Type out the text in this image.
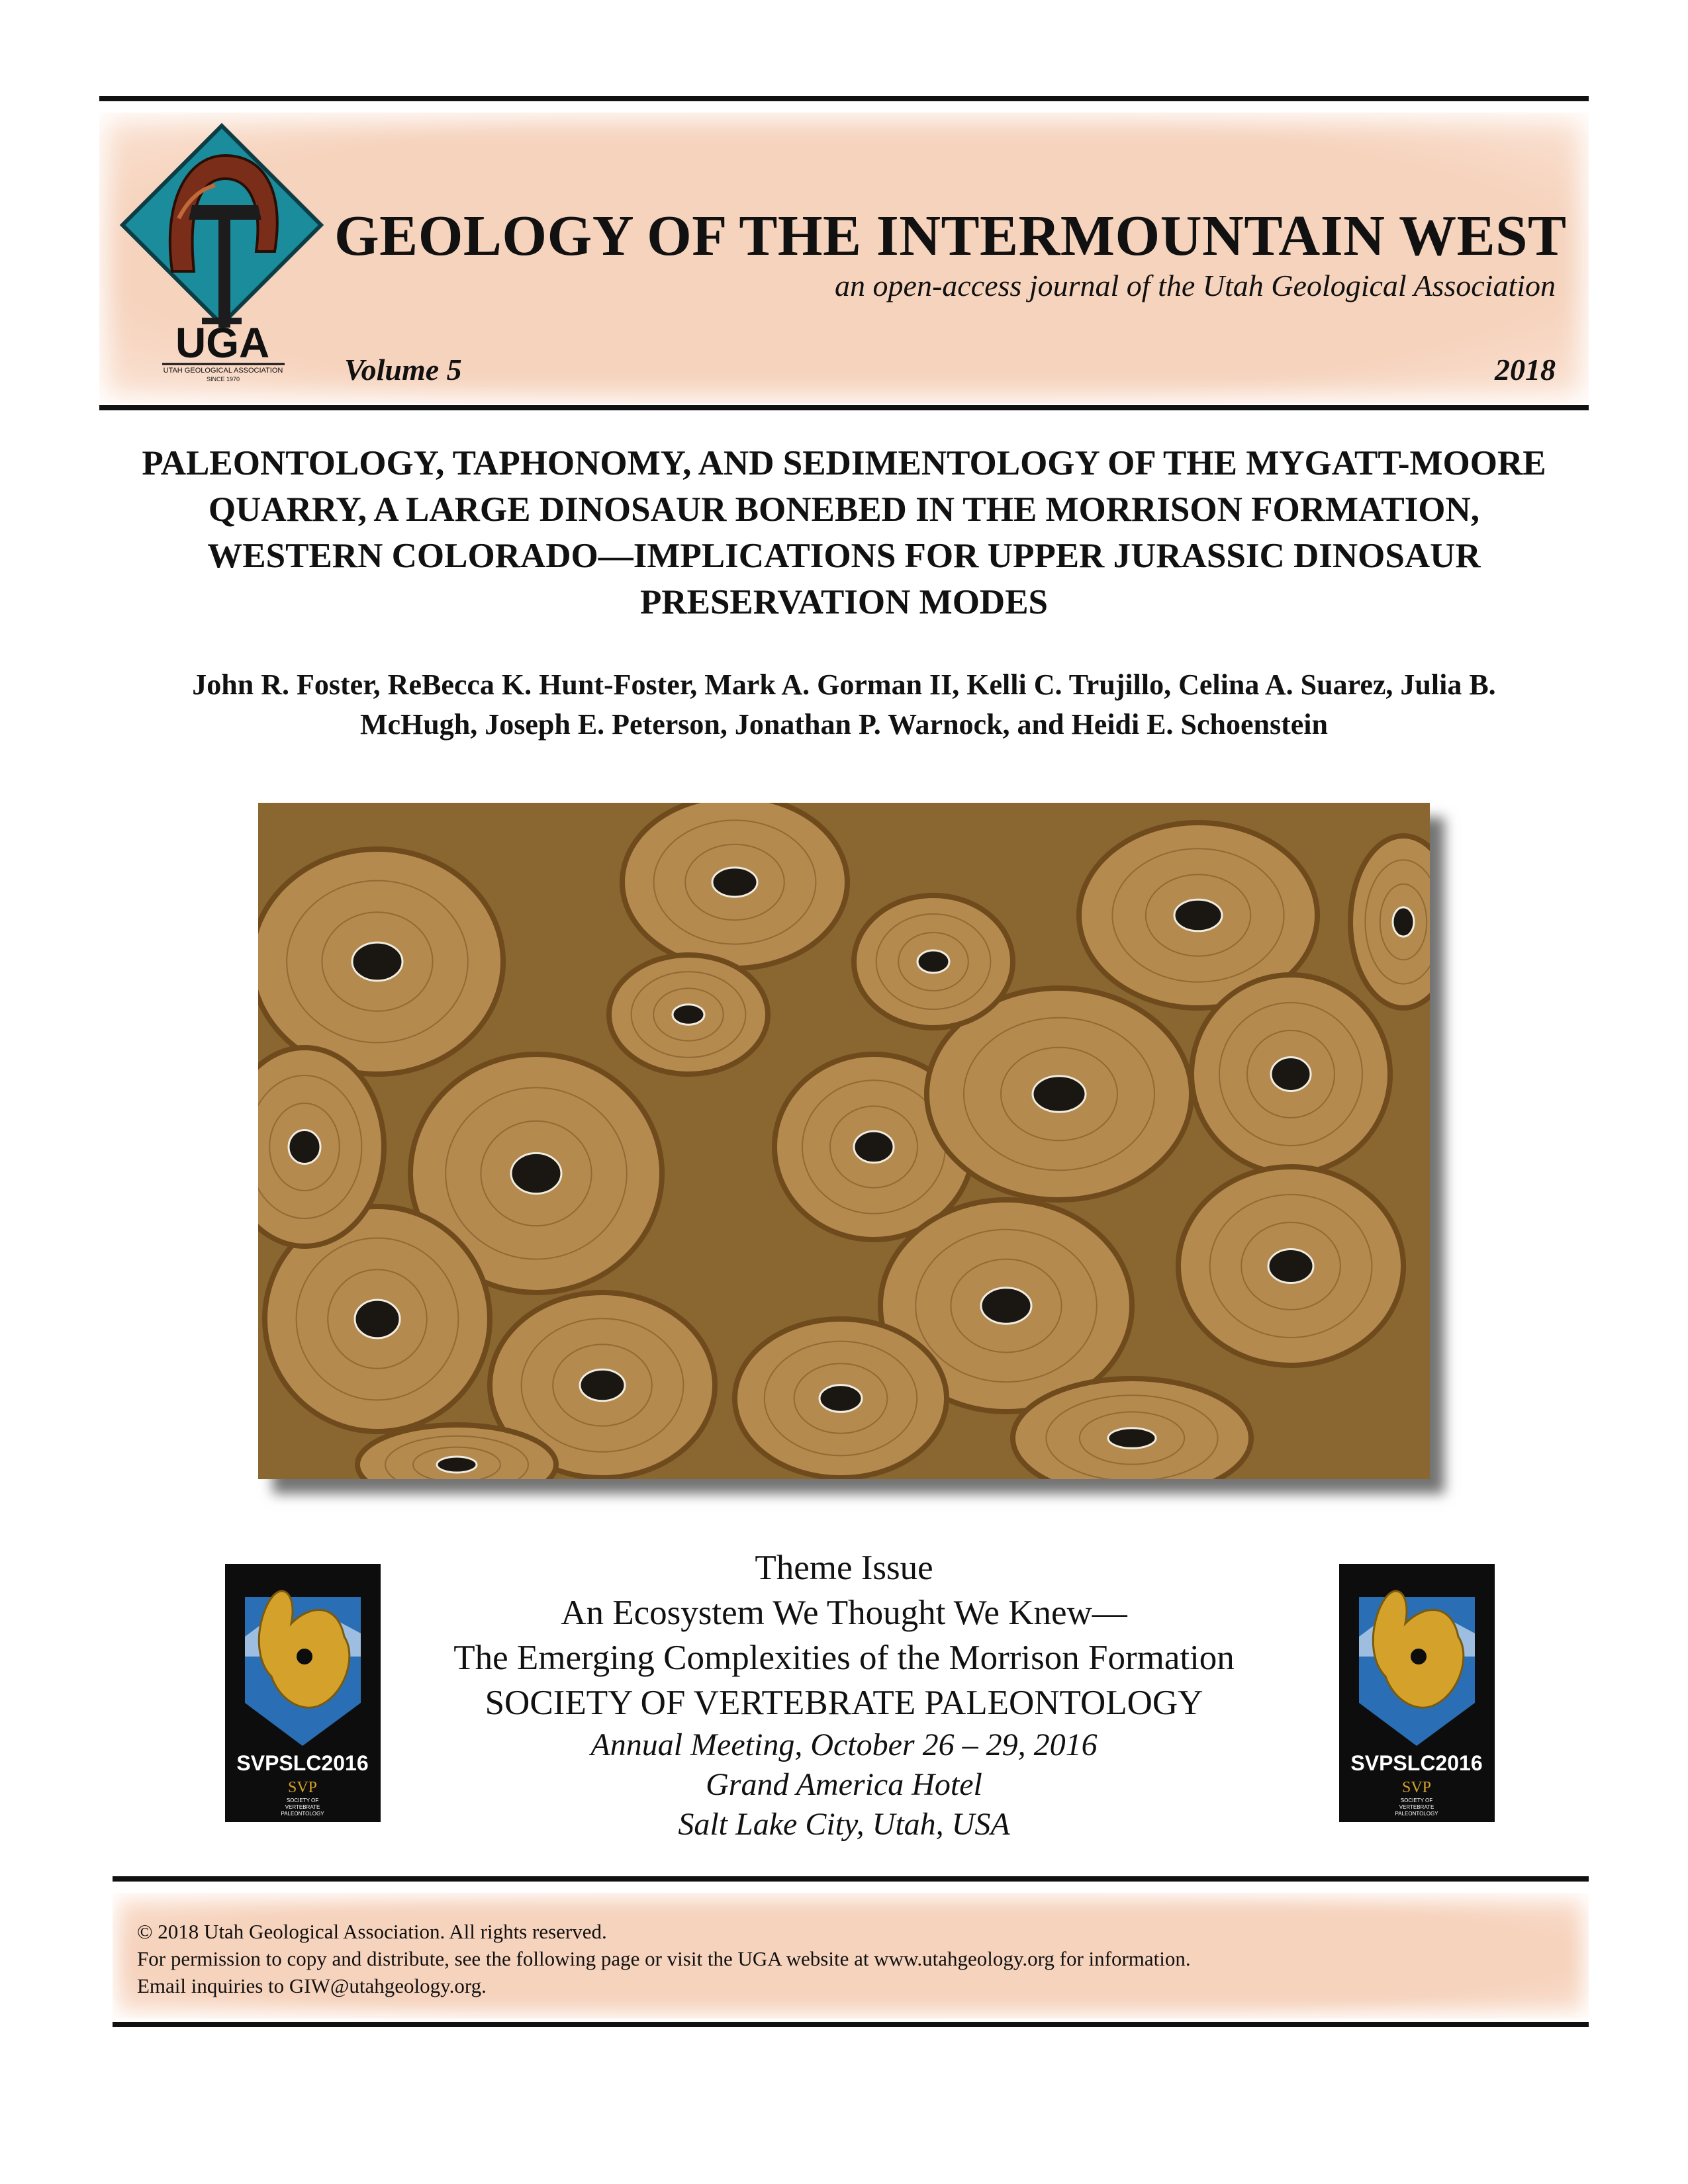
UGA
UTAH GEOLOGICAL ASSOCIATION
SINCE 1970
GEOLOGY OF THE INTERMOUNTAIN WEST
an open-access journal of the Utah Geological Association
Volume 5	2018
PALEONTOLOGY, TAPHONOMY, AND SEDIMENTOLOGY OF THE MYGATT-MOORE
QUARRY, A LARGE DINOSAUR BONEBED IN THE MORRISON FORMATION,
WESTERN COLORADO—IMPLICATIONS FOR UPPER JURASSIC DINOSAUR
PRESERVATION MODES
John R. Foster, ReBecca K. Hunt-Foster, Mark A. Gorman II, Kelli C. Trujillo, Celina A. Suarez, Julia B.
McHugh, Joseph E. Peterson, Jonathan P. Warnock, and Heidi E. Schoenstein
SVPSLC2016
SVP
SOCIETY OF
VERTEBRATE
PALEONTOLOGY
SVPSLC2016
SVP
SOCIETY OF
VERTEBRATE
PALEONTOLOGY
Theme Issue
An Ecosystem We Thought We Knew—
The Emerging Complexities of the Morrison Formation
SOCIETY OF VERTEBRATE PALEONTOLOGY
Annual Meeting, October 26 – 29, 2016
Grand America Hotel
Salt Lake City, Utah, USA
© 2018 Utah Geological Association. All rights reserved.
For permission to copy and distribute, see the following page or visit the UGA website at www.utahgeology.org for information.
Email inquiries to GIW@utahgeology.org.
